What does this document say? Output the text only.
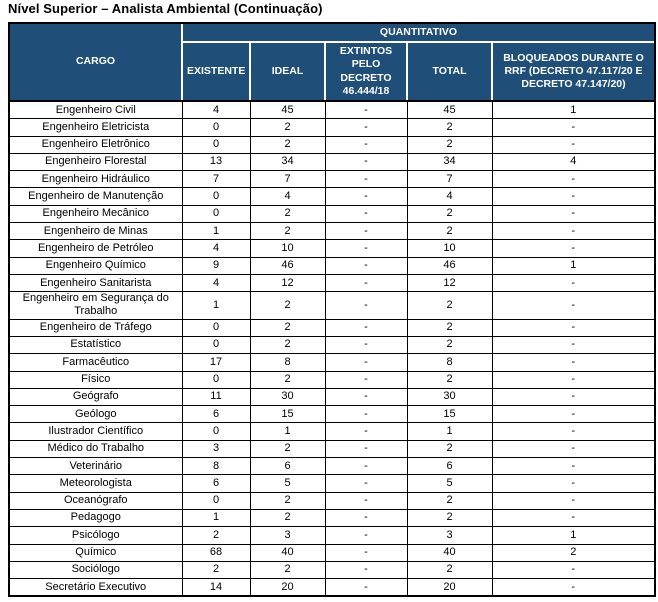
Nível Superior – Analista Ambiental (Continuação)
CARGO	QUANTITATIVO				
	EXISTENTE	IDEAL	EXTINTOS PELO DECRETO 46.444/18	TOTAL	BLOQUEADOS DURANTE O RRF (DECRETO 47.117/20 E DECRETO 47.147/20)
Engenheiro Civil	4	45	-	45	1
Engenheiro Eletricista	0	2	-	2	-
Engenheiro Eletrônico	0	2	-	2	-
Engenheiro Florestal	13	34	-	34	4
Engenheiro Hidráulico	7	7	-	7	-
Engenheiro de Manutenção	0	4	-	4	-
Engenheiro Mecânico	0	2	-	2	-
Engenheiro de Minas	1	2	-	2	-
Engenheiro de Petróleo	4	10	-	10	-
Engenheiro Químico	9	46	-	46	1
Engenheiro Sanitarista	4	12	-	12	-
Engenheiro em Segurança do Trabalho	1	2	-	2	-
Engenheiro de Tráfego	0	2	-	2	-
Estatístico	0	2	-	2	-
Farmacêutico	17	8	-	8	-
Físico	0	2	-	2	-
Geógrafo	11	30	-	30	-
Geólogo	6	15	-	15	-
Ilustrador Científico	0	1	-	1	-
Médico do Trabalho	3	2	-	2	-
Veterinário	8	6	-	6	-
Meteorologista	6	5	-	5	-
Oceanógrafo	0	2	-	2	-
Pedagogo	1	2	-	2	-
Psicólogo	2	3	-	3	1
Químico	68	40	-	40	2
Sociólogo	2	2	-	2	-
Secretário Executivo	14	20	-	20	-
